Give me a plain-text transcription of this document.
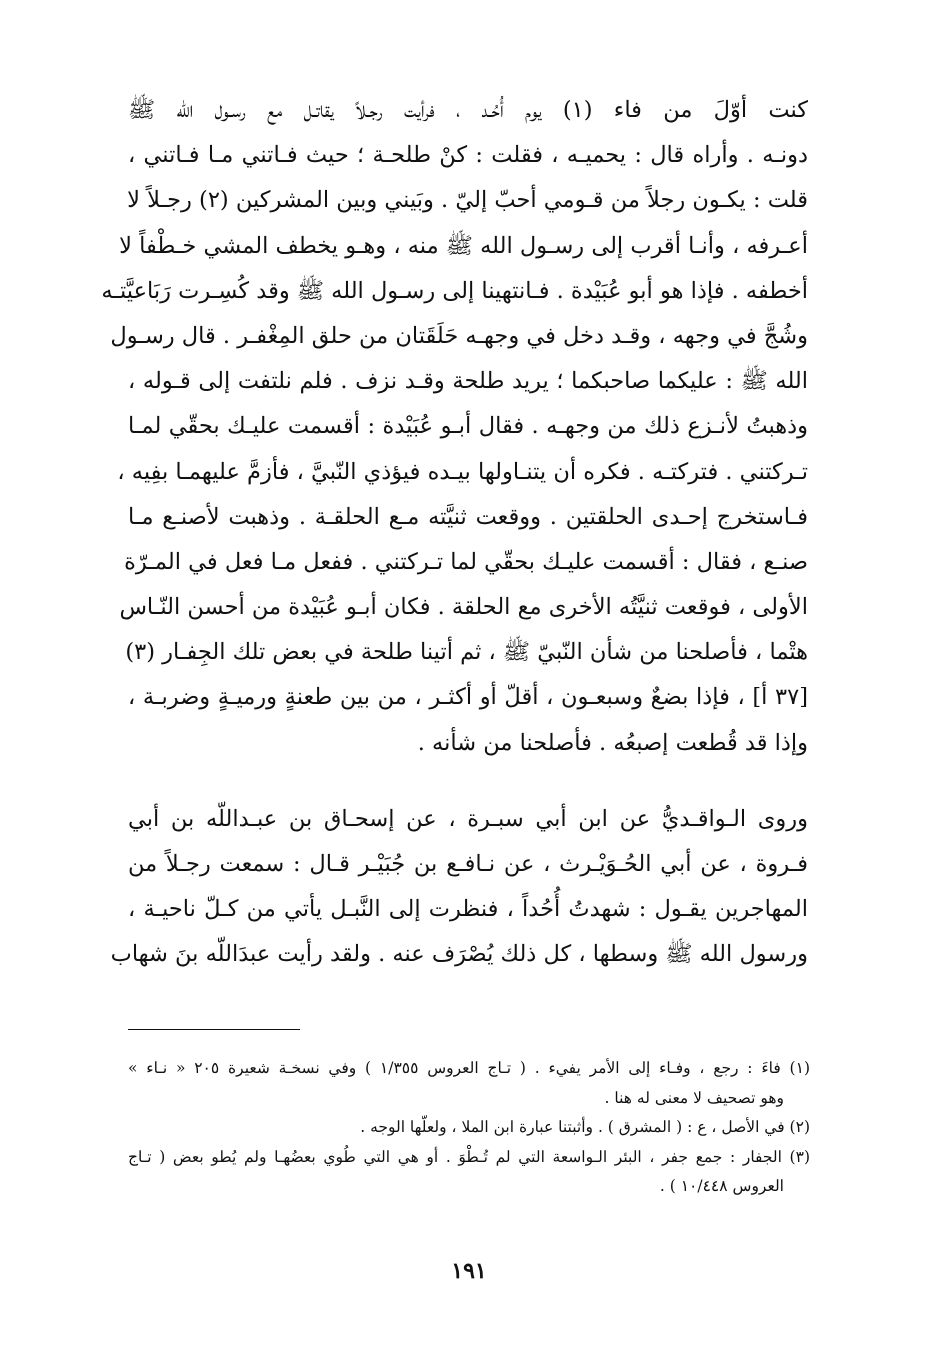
كنت أوّلَ من فاء (١) يوم أُحُـد ، فرأيت رجـلاً يقاتـل مع رسـول الله ﷺ
دونـه . وأراه قال : يحميـه ، فقلت : كنْ طلحـة ؛ حيث فـاتني مـا فـاتني ،
قلت : يكـون رجلاً من قـومي أحبّ إليّ . وبَيني وبين المشركين (٢) رجـلاً لا
أعـرفه ، وأنـا أقرب إلى رسـول الله ﷺ منه ، وهـو يخطف المشي خـطْفاً لا
أخطفه . فإذا هو أبو عُبَيْدة . فـانتهينا إلى رسـول الله ﷺ وقد كُسِـرت رَبَاعيَّتـه
وشُجَّ في وجهه ، وقـد دخل في وجهـه حَلَقَتان من حلق المِغْفـر . قال رسـول
الله ﷺ : عليكما صاحبكما ؛ يريد طلحة وقـد نزف . فلم نلتفت إلى قـوله ،
وذهبتُ لأنـزع ذلك من وجهـه . فقال أبـو عُبَيْدة : أقسمت عليـك بحقّي لمـا
تـركتني . فتركتـه . فكره أن يتنـاولها بيـده فيؤذي النّبيَّ ، فأزمَّ عليهمـا بفِيه ،
فـاستخرج إحـدى الحلقتين . ووقعت ثنيَّته مـع الحلقـة . وذهبت لأصنـع مـا
صنـع ، فقال : أقسمت عليـك بحقّي لما تـركتني . ففعل مـا فعل في المـرّة
الأولى ، فوقعت ثنيَّتُه الأخرى مع الحلقة . فكان أبـو عُبَيْدة من أحسن النّـاس
هتْما ، فأصلحنا من شأن النّبيّ ﷺ ، ثم أتينا طلحة في بعض تلك الجِفـار (٣)
[٣٧ أ] ، فإذا بضعٌ وسبعـون ، أقلّ أو أكثـر ، من بين طعنةٍ ورميـةٍ وضربـة ،
وإذا قد قُطعت إصبعُه . فأصلحنا من شأنه .
وروى الـواقـديُّ عن ابن أبي سبـرة ، عن إسحـاق بن عبـداللّه بن أبي
فـروة ، عن أبي الحُـوَيْـرث ، عن نـافـع بن جُبَيْـر قـال : سمعت رجـلاً من
المهاجرين يقـول : شهدتُ أُحُداً ، فنظرت إلى النَّبـل يأتي من كـلّ ناحيـة ،
ورسول الله ﷺ وسطها ، كل ذلك يُصْرَف عنه . ولقد رأيت عبدَاللّه بنَ شهاب
(١) فاءَ : رجع ، وفـاء إلى الأمر يفيء . ( تـاج العروس ١/٣٥٥ ) وفي نسخـة شعيرة ٢٠٥ « نـاء »
وهو تصحيف لا معنى له هنا .
(٢) في الأصل ، ع : ( المشرق ) . وأثبتنا عبارة ابن الملا ، ولعلّها الوجه .
(٣) الجفار : جمع جفر ، البئر الـواسعة التي لم تُـطْوَ . أو هي التي طُوي بعضُهـا ولم يُطو بعض ( تـاج
العروس ١٠/٤٤٨ ) .
١٩١
